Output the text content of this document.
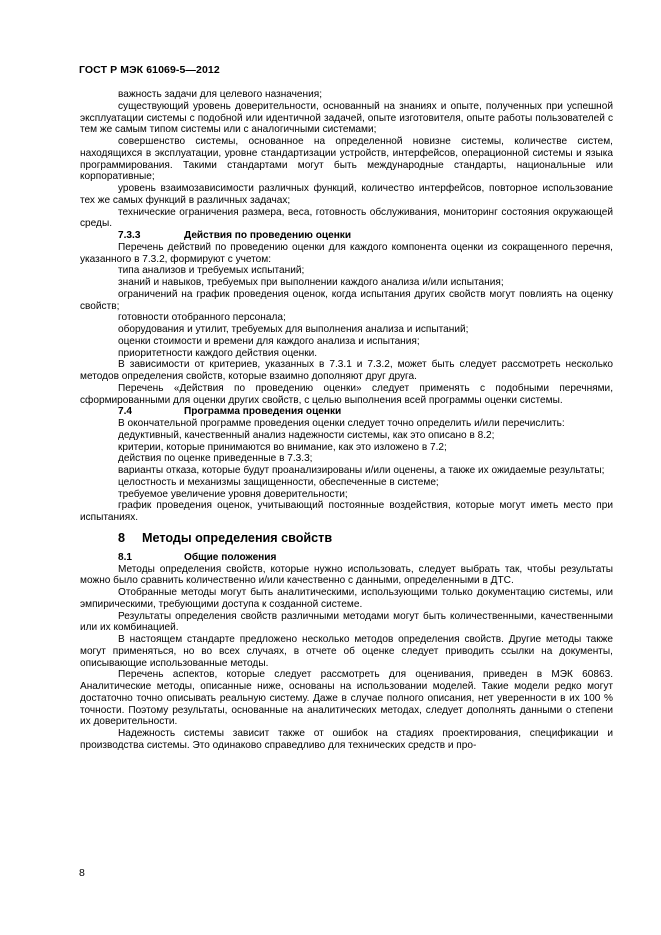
ГОСТ Р МЭК 61069-5—2012

важность задачи для целевого назначения;

существующий уровень доверительности, основанный на знаниях и опыте, полученных при успешной эксплуатации системы с подобной или идентичной задачей, опыте изготовителя, опыте работы пользователей с тем же самым типом системы или с аналогичными системами;

совершенство системы, основанное на определенной новизне системы, количестве систем, находящихся в эксплуатации, уровне стандартизации устройств, интерфейсов, операционной системы и языка программирования. Такими стандартами могут быть международные стандарты, национальные или корпоративные;

уровень взаимозависимости различных функций, количество интерфейсов, повторное использование тех же самых функций в различных задачах;

технические ограничения размера, веса, готовность обслуживания, мониторинг состояния окружающей среды.

7.3.3	Действия по проведению оценки

Перечень действий по проведению оценки для каждого компонента оценки из сокращенного перечня, указанного в 7.3.2, формируют с учетом:

типа анализов и требуемых испытаний;

знаний и навыков, требуемых при выполнении каждого анализа и/или испытания;

ограничений на график проведения оценок, когда испытания других свойств могут повлиять на оценку свойств;

готовности отобранного персонала;

оборудования и утилит, требуемых для выполнения анализа и испытаний;

оценки стоимости и времени для каждого анализа и испытания;

приоритетности каждого действия оценки.

В зависимости от критериев, указанных в 7.3.1 и 7.3.2, может быть следует рассмотреть несколько методов определения свойств, которые взаимно дополняют друг друга.

Перечень «Действия по проведению оценки» следует применять с подобными перечнями, сформированными для оценки других свойств, с целью выполнения всей программы оценки системы.

7.4	Программа проведения оценки

В окончательной программе проведения оценки следует точно определить и/или перечислить:

дедуктивный, качественный анализ надежности системы, как это описано в 8.2;

критерии, которые принимаются во внимание, как это изложено в 7.2;

действия по оценке приведенные в 7.3.3;

варианты отказа, которые будут проанализированы и/или оценены, а также их ожидаемые результаты;

целостность и механизмы защищенности, обеспеченные в системе;

требуемое увеличение уровня доверительности;

график проведения оценок, учитывающий постоянные воздействия, которые могут иметь место при испытаниях.

8 Методы определения свойств
8.1	Общие положения

Методы определения свойств, которые нужно использовать, следует выбрать так, чтобы результаты можно было сравнить количественно и/или качественно с данными, определенными в ДТС.

Отобранные методы могут быть аналитическими, использующими только документацию системы, или эмпирическими, требующими доступа к созданной системе.

Результаты определения свойств различными методами могут быть количественными, качественными или их комбинацией.

В настоящем стандарте предложено несколько методов определения свойств. Другие методы также могут применяться, но во всех случаях, в отчете об оценке следует приводить ссылки на документы, описывающие использованные методы.

Перечень аспектов, которые следует рассмотреть для оценивания, приведен в МЭК 60863. Аналитические методы, описанные ниже, основаны на использовании моделей. Такие модели редко могут достаточно точно описывать реальную систему. Даже в случае полного описания, нет уверенности в их 100 % точности. Поэтому результаты, основанные на аналитических методах, следует дополнять данными о степени их доверительности.

Надежность системы зависит также от ошибок на стадиях проектирования, спецификации и производства системы. Это одинаково справедливо для технических средств и про-

8
